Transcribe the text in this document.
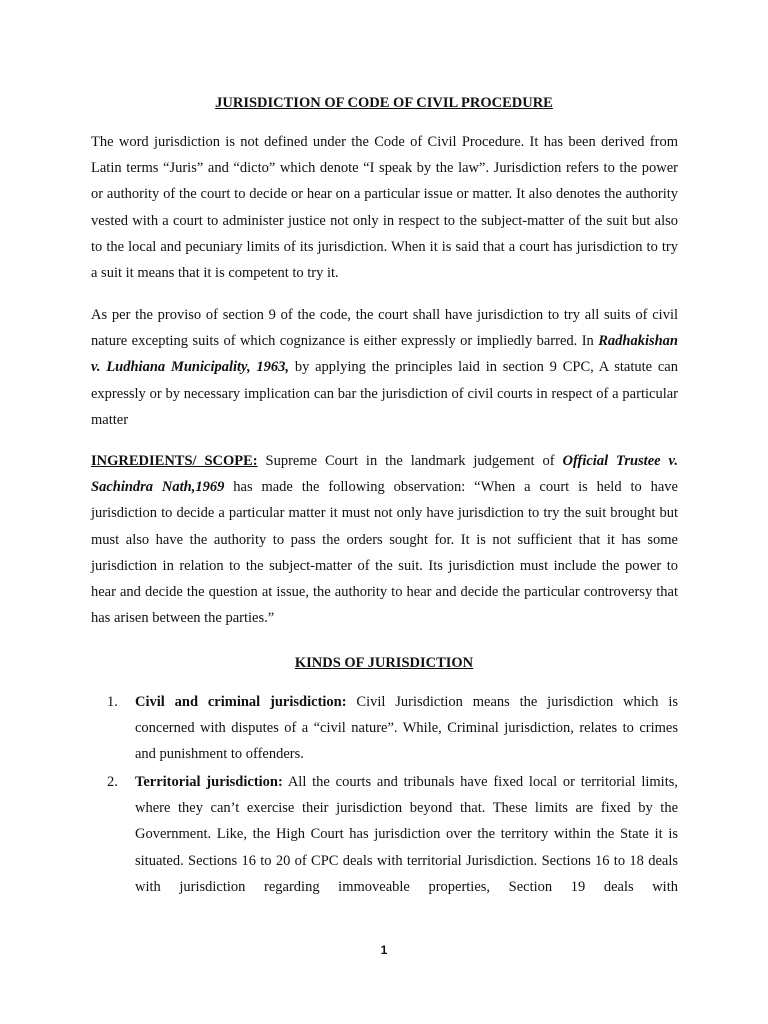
JURISDICTION OF CODE OF CIVIL PROCEDURE
The word jurisdiction is not defined under the Code of Civil Procedure. It has been derived from Latin terms “Juris” and “dicto” which denote “I speak by the law”. Jurisdiction refers to the power or authority of the court to decide or hear on a particular issue or matter. It also denotes the authority vested with a court to administer justice not only in respect to the subject-matter of the suit but also to the local and pecuniary limits of its jurisdiction. When it is said that a court has jurisdiction to try a suit it means that it is competent to try it.
As per the proviso of section 9 of the code, the court shall have jurisdiction to try all suits of civil nature excepting suits of which cognizance is either expressly or impliedly barred. In Radhakishan v. Ludhiana Municipality, 1963, by applying the principles laid in section 9 CPC, A statute can expressly or by necessary implication can bar the jurisdiction of civil courts in respect of a particular matter
INGREDIENTS/ SCOPE: Supreme Court in the landmark judgement of Official Trustee v. Sachindra Nath,1969 has made the following observation: “When a court is held to have jurisdiction to decide a particular matter it must not only have jurisdiction to try the suit brought but must also have the authority to pass the orders sought for. It is not sufficient that it has some jurisdiction in relation to the subject-matter of the suit. Its jurisdiction must include the power to hear and decide the question at issue, the authority to hear and decide the particular controversy that has arisen between the parties.”
KINDS OF JURISDICTION
1.	Civil and criminal jurisdiction: Civil Jurisdiction means the jurisdiction which is concerned with disputes of a “civil nature”. While, Criminal jurisdiction, relates to crimes and punishment to offenders.
2.	Territorial jurisdiction: All the courts and tribunals have fixed local or territorial limits, where they can’t exercise their jurisdiction beyond that. These limits are fixed by the Government. Like, the High Court has jurisdiction over the territory within the State it is situated. Sections 16 to 20 of CPC deals with territorial Jurisdiction. Sections 16 to 18 deals with jurisdiction regarding immoveable properties, Section 19 deals with
1
